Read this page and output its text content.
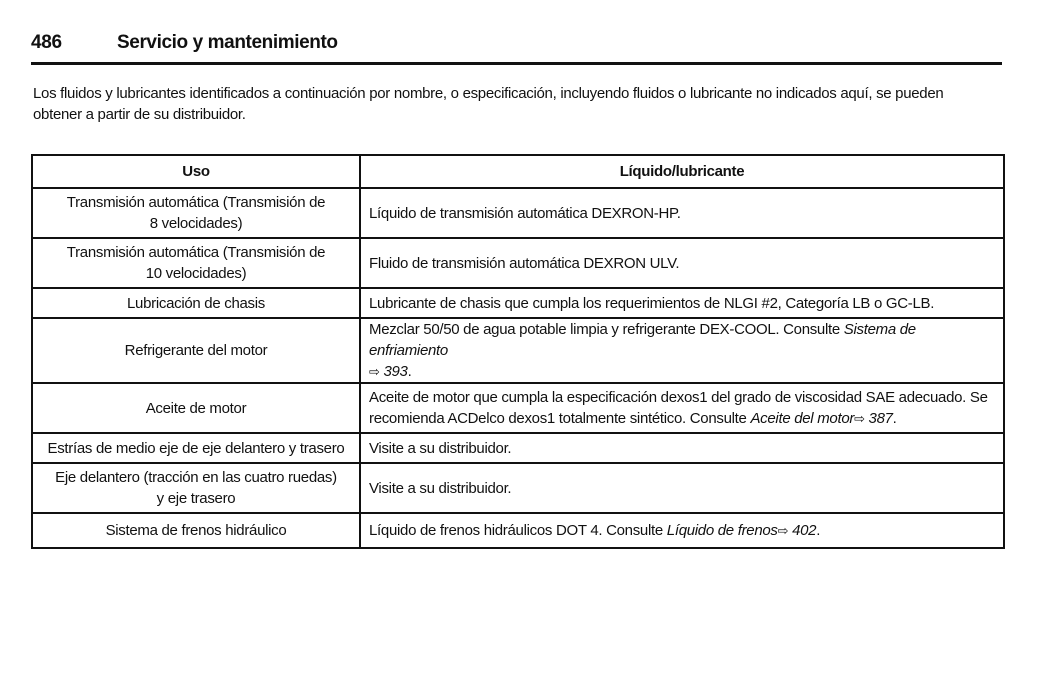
486	Servicio y mantenimiento

Los fluidos y lubricantes identificados a continuación por nombre, o especificación, incluyendo fluidos o lubricante no indicados aquí, se pueden obtener a partir de su distribuidor.

Uso	Líquido/lubricante
Transmisión automática (Transmisión de
8 velocidades)	Líquido de transmisión automática DEXRON-HP.
Transmisión automática (Transmisión de
10 velocidades)	Fluido de transmisión automática DEXRON ULV.
Lubricación de chasis	Lubricante de chasis que cumpla los requerimientos de NLGI #2, Categoría LB o GC-LB.
Refrigerante del motor	Mezclar 50/50 de agua potable limpia y refrigerante DEX-COOL. Consulte Sistema de enfriamiento
⇨ 393.
Aceite de motor	Aceite de motor que cumpla la especificación dexos1 del grado de viscosidad SAE adecuado. Se recomienda ACDelco dexos1 totalmente sintético. Consulte Aceite del motor⇨ 387.
Estrías de medio eje de eje delantero y trasero	Visite a su distribuidor.
Eje delantero (tracción en las cuatro ruedas)
y eje trasero	Visite a su distribuidor.
Sistema de frenos hidráulico	Líquido de frenos hidráulicos DOT 4. Consulte Líquido de frenos⇨ 402.
